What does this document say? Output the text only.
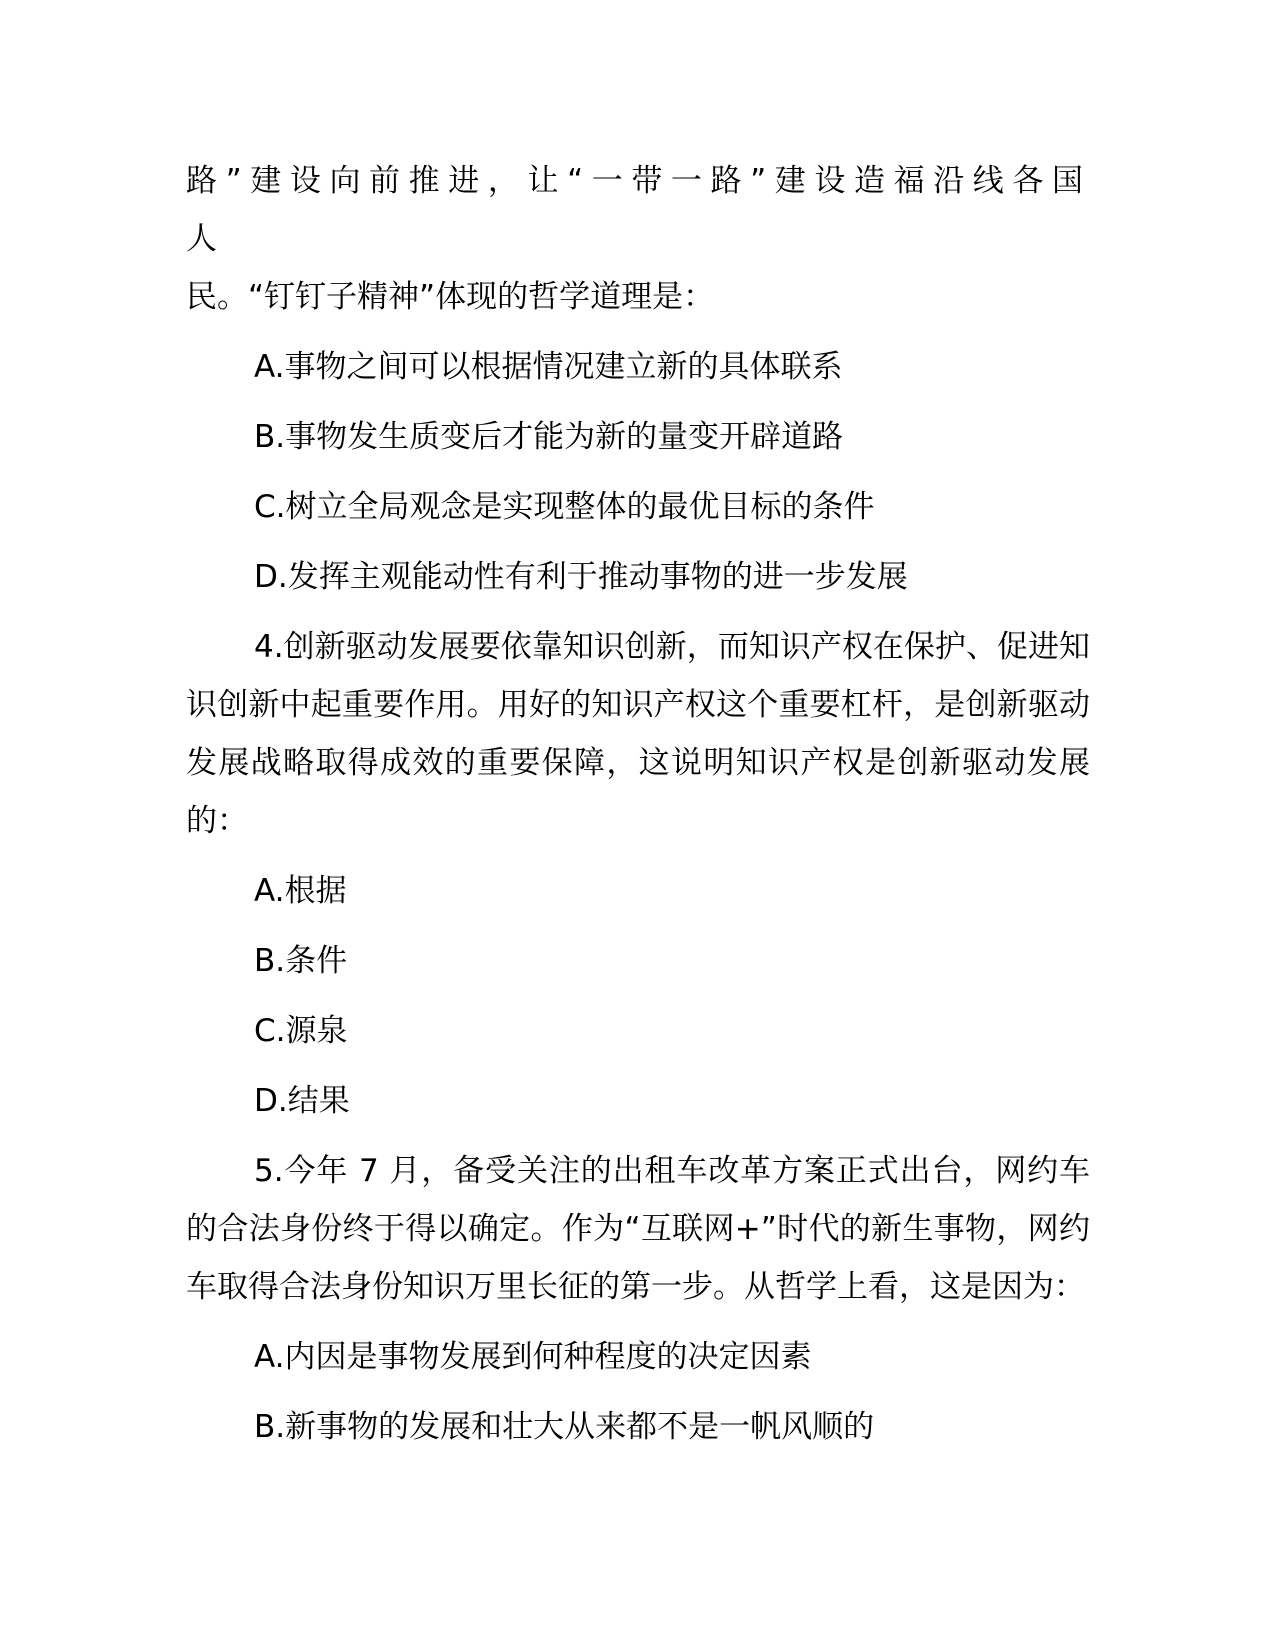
路”建设向前推进，让“一带一路”建设造福沿线各国人
民。“钉钉子精神”体现的哲学道理是：

A.事物之间可以根据情况建立新的具体联系

B.事物发生质变后才能为新的量变开辟道路

C.树立全局观念是实现整体的最优目标的条件

D.发挥主观能动性有利于推动事物的进一步发展

4.创新驱动发展要依靠知识创新，而知识产权在保护、促进知识创新中起重要作用。用好的知识产权这个重要杠杆，是创新驱动发展战略取得成效的重要保障，这说明知识产权是创新驱动发展的：

A.根据

B.条件

C.源泉

D.结果

5.今年 7 月，备受关注的出租车改革方案正式出台，网约车的合法身份终于得以确定。作为“互联网+”时代的新生事物，网约车取得合法身份知识万里长征的第一步。从哲学上看，这是因为：

A.内因是事物发展到何种程度的决定因素

B.新事物的发展和壮大从来都不是一帆风顺的
